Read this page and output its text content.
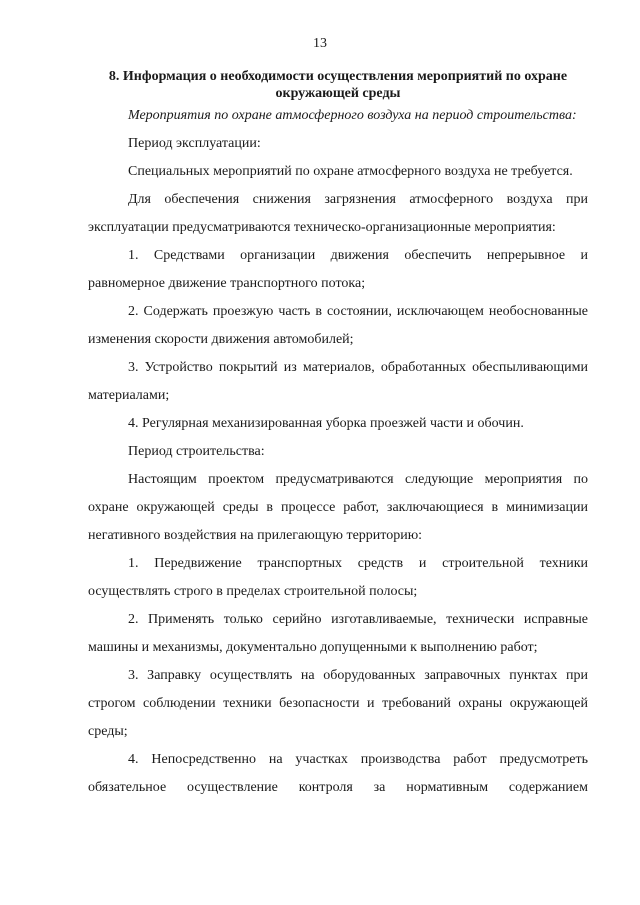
13
8. Информация о необходимости осуществления мероприятий по охране окружающей среды

Мероприятия по охране атмосферного воздуха на период строительства:

Период эксплуатации:

Специальных мероприятий по охране атмосферного воздуха не требуется.

Для обеспечения снижения загрязнения атмосферного воздуха при эксплуатации предусматриваются техническо-организационные мероприятия:

1. Средствами организации движения обеспечить непрерывное и равномерное движение транспортного потока;

2. Содержать проезжую часть в состоянии, исключающем необоснованные изменения скорости движения автомобилей;

3. Устройство покрытий из материалов, обработанных обеспыливающими материалами;

4. Регулярная механизированная уборка проезжей части и обочин.

Период строительства:

Настоящим проектом предусматриваются следующие мероприятия по охране окружающей среды в процессе работ, заключающиеся в минимизации негативного воздействия на прилегающую территорию:

1. Передвижение транспортных средств и строительной техники осуществлять строго в пределах строительной полосы;

2. Применять только серийно изготавливаемые, технически исправные машины и механизмы, документально допущенными к выполнению работ;

3. Заправку осуществлять на оборудованных заправочных пунктах при строгом соблюдении техники безопасности и требований охраны окружающей среды;

4. Непосредственно на участках производства работ предусмотреть обязательное осуществление контроля за нормативным содержанием
